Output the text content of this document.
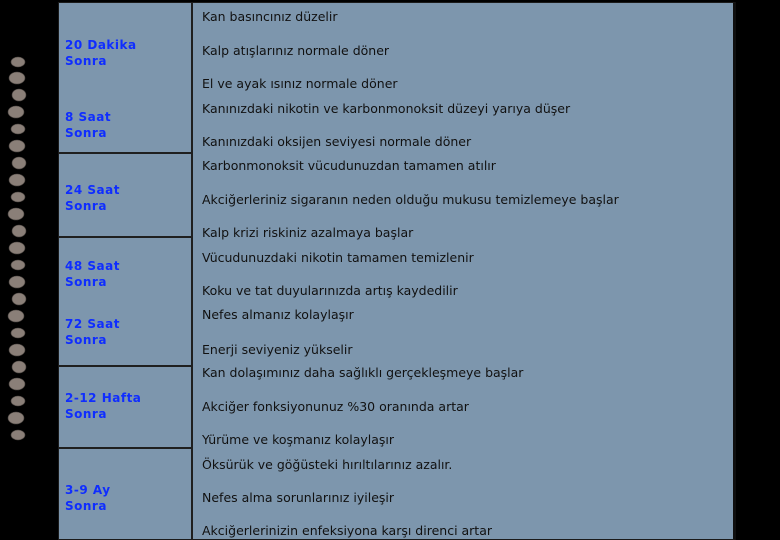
20 Dakika
Sonra
8 Saat
Sonra
24 Saat
Sonra
48 Saat
Sonra
72 Saat
Sonra
2-12 Hafta
Sonra
3-9 Ay
Sonra
Kan basıncınız düzelir
Kalp atışlarınız normale döner
El ve ayak ısınız normale döner
Kanınızdaki nikotin ve karbonmonoksit düzeyi yarıya düşer
Kanınızdaki oksijen seviyesi normale döner
Karbonmonoksit vücudunuzdan tamamen atılır
Akciğerleriniz sigaranın neden olduğu mukusu temizlemeye başlar
Kalp krizi riskiniz azalmaya başlar
Vücudunuzdaki nikotin tamamen temizlenir
Koku ve tat duyularınızda artış kaydedilir
Nefes almanız kolaylaşır
Enerji seviyeniz yükselir
Kan dolaşımınız daha sağlıklı gerçekleşmeye başlar
Akciğer fonksiyonunuz %30 oranında artar
Yürüme ve koşmanız kolaylaşır
Öksürük ve göğüsteki hırıltılarınız azalır.
Nefes alma sorunlarınız iyileşir
Akciğerlerinizin enfeksiyona karşı direnci artar
